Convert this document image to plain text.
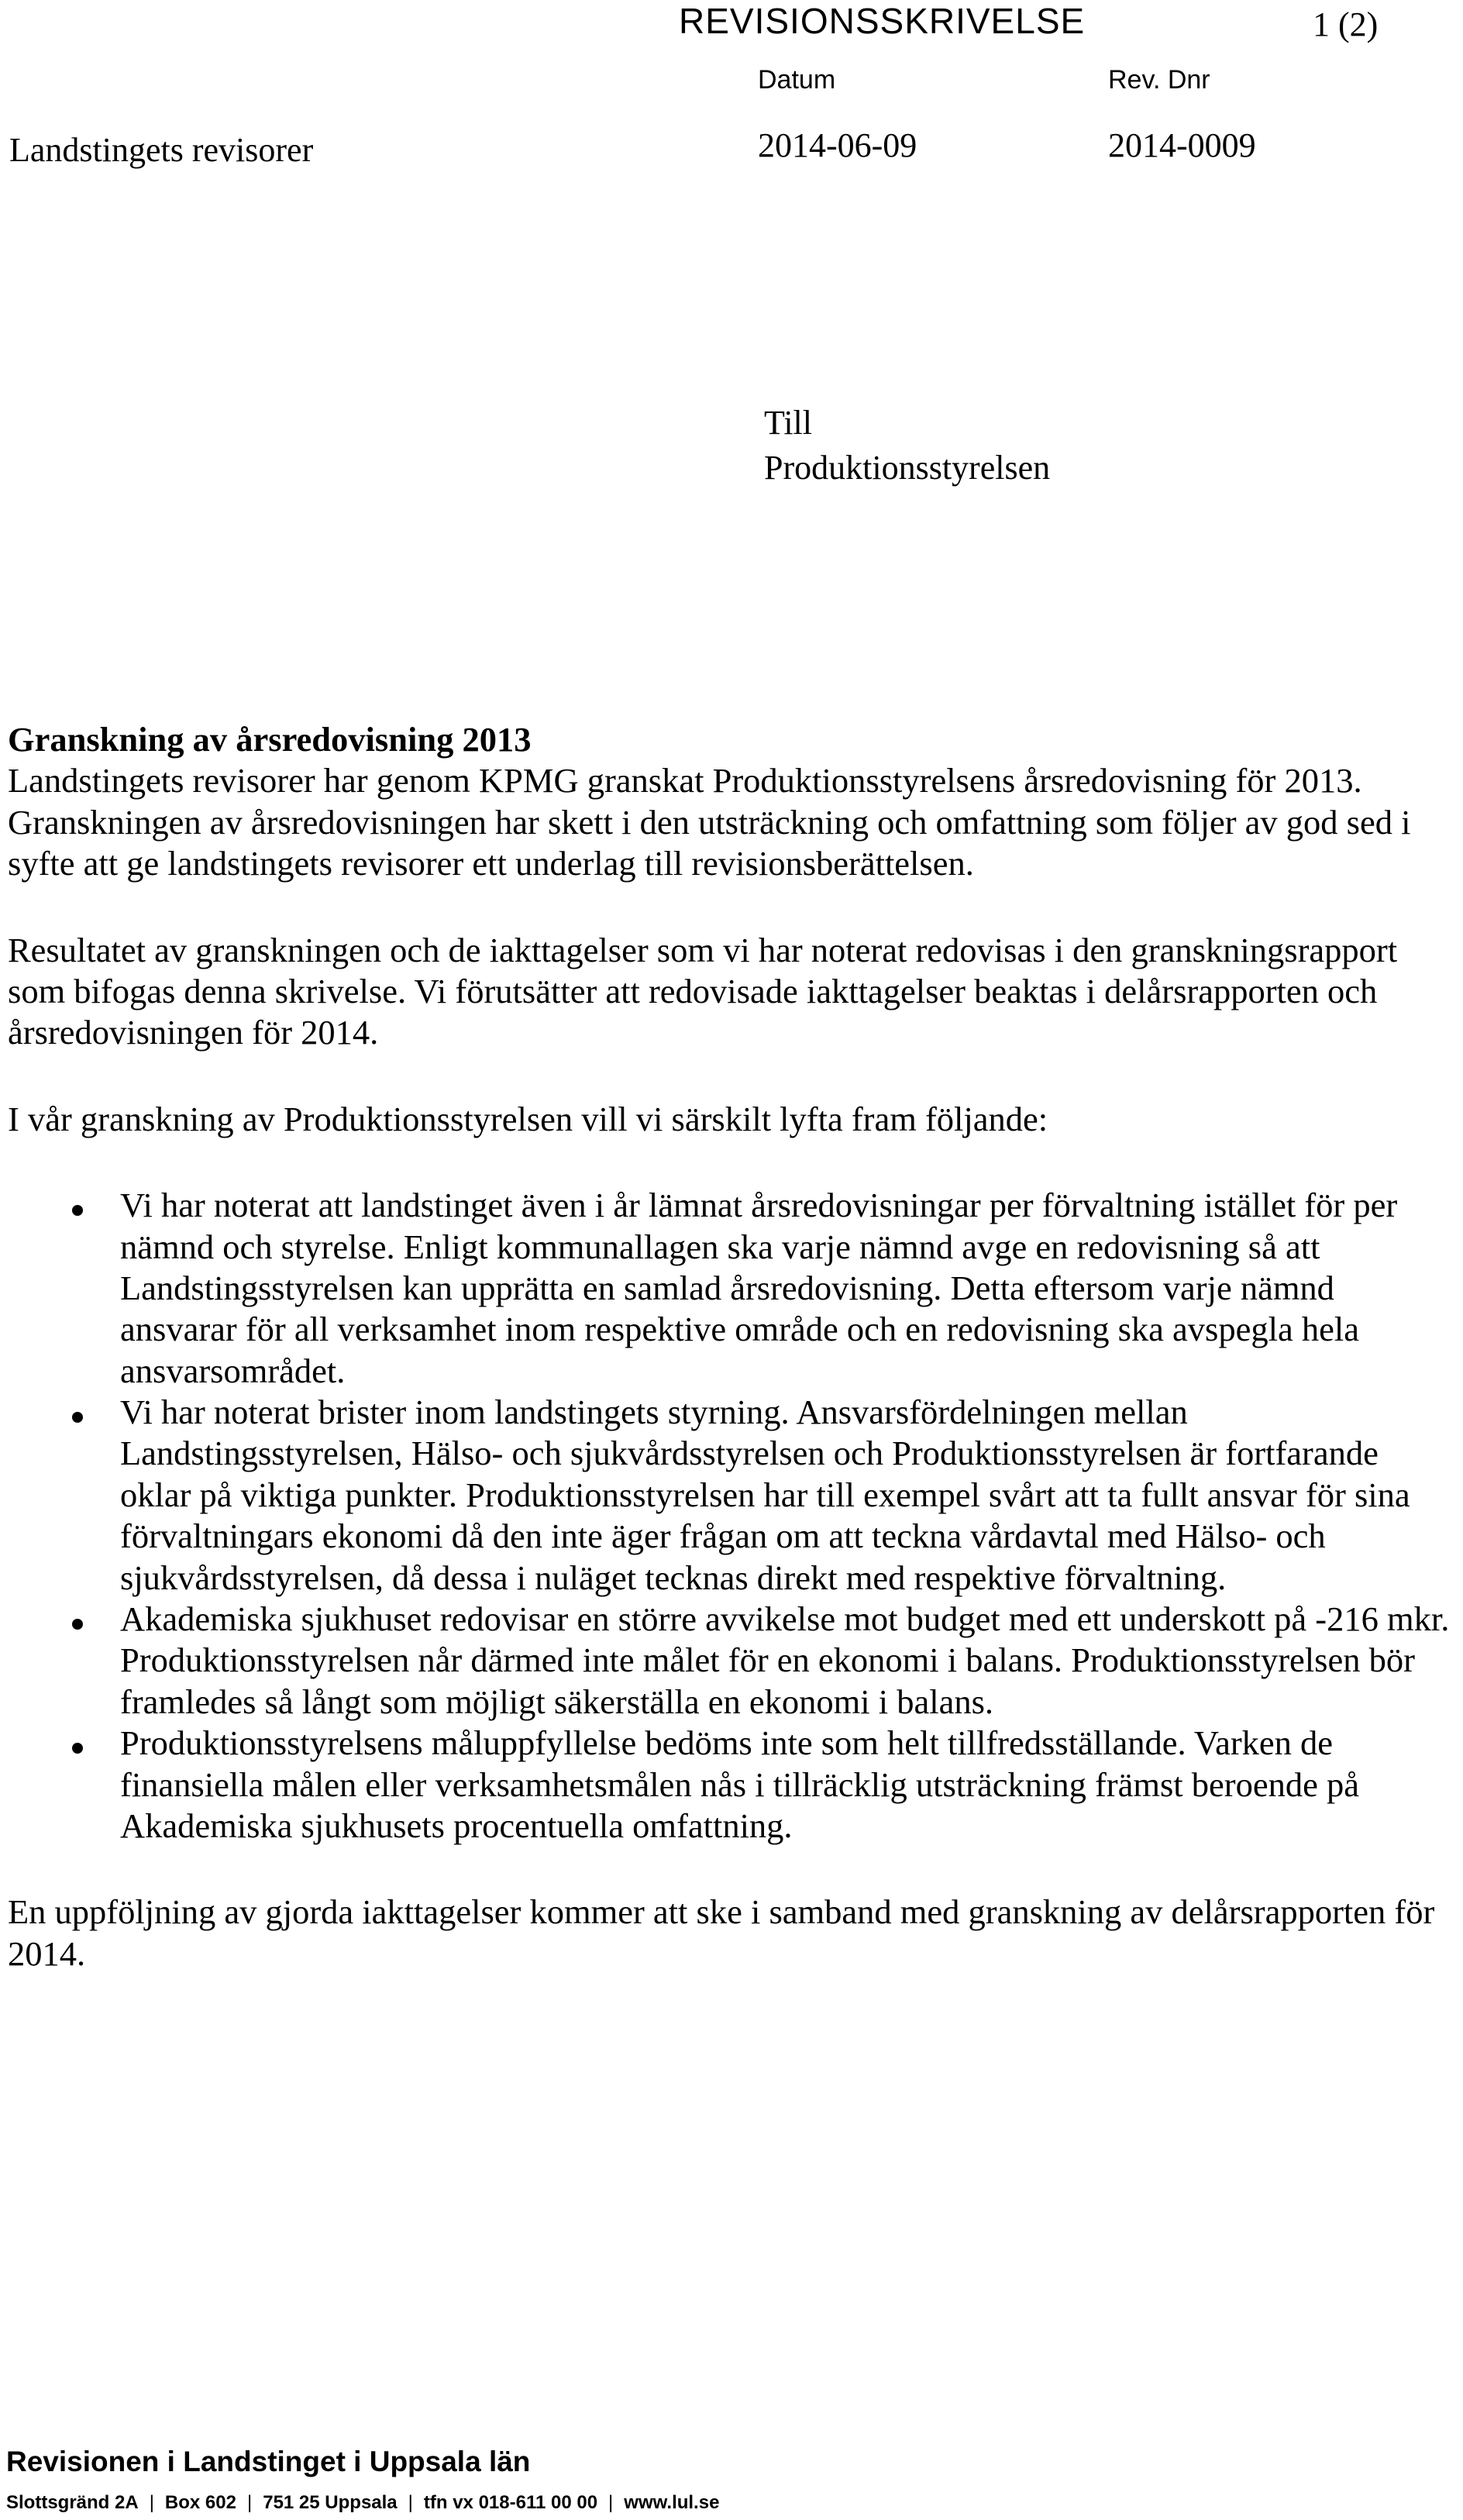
REVISIONSSKRIVELSE	1 (2)
Datum
2014-06-09
Rev. Dnr
2014-0009
Landstingets revisorer
Till
Produktionsstyrelsen

Granskning av årsredovisning 2013
Landstingets revisorer har genom KPMG granskat Produktionsstyrelsens årsredovisning för 2013. Granskningen av årsredovisningen har skett i den utsträckning och omfattning som följer av god sed i syfte att ge landstingets revisorer ett underlag till revisionsberättelsen.

Resultatet av granskningen och de iakttagelser som vi har noterat redovisas i den granskningsrapport som bifogas denna skrivelse. Vi förutsätter att redovisade iakttagelser beaktas i delårsrapporten och årsredovisningen för 2014.

I vår granskning av Produktionsstyrelsen vill vi särskilt lyfta fram följande:

Vi har noterat att landstinget även i år lämnat årsredovisningar per förvaltning istället för per nämnd och styrelse. Enligt kommunallagen ska varje nämnd avge en redovisning så att Landstingsstyrelsen kan upprätta en samlad årsredovisning. Detta eftersom varje nämnd ansvarar för all verksamhet inom respektive område och en redovisning ska avspegla hela ansvarsområdet.
Vi har noterat brister inom landstingets styrning. Ansvarsfördelningen mellan Landstingsstyrelsen, Hälso- och sjukvårdsstyrelsen och Produktionsstyrelsen är fortfarande oklar på viktiga punkter. Produktionsstyrelsen har till exempel svårt att ta fullt ansvar för sina förvaltningars ekonomi då den inte äger frågan om att teckna vårdavtal med Hälso- och sjukvårdsstyrelsen, då dessa i nuläget tecknas direkt med respektive förvaltning.
Akademiska sjukhuset redovisar en större avvikelse mot budget med ett underskott på -216 mkr. Produktionsstyrelsen når därmed inte målet för en ekonomi i balans. Produktionsstyrelsen bör framledes så långt som möjligt säkerställa en ekonomi i balans.
Produktionsstyrelsens måluppfyllelse bedöms inte som helt tillfredsställande. Varken de finansiella målen eller verksamhetsmålen nås i tillräcklig utsträckning främst beroende på Akademiska sjukhusets procentuella omfattning.

En uppföljning av gjorda iakttagelser kommer att ske i samband med granskning av delårsrapporten för 2014.

Revisionen i Landstinget i Uppsala län
Slottsgränd 2A | Box 602 | 751 25 Uppsala | tfn vx 018-611 00 00 | www.lul.se
